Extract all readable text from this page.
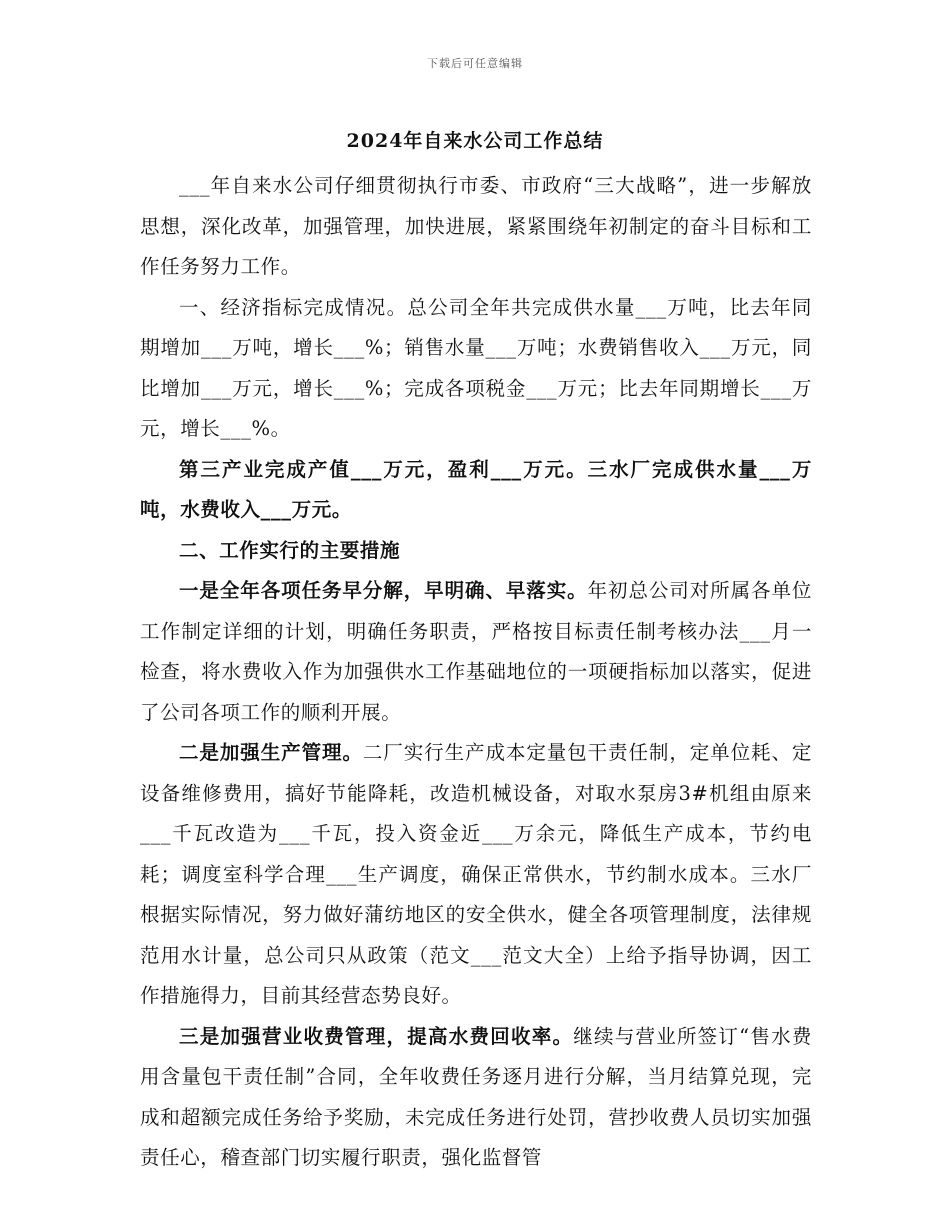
下载后可任意编辑
2024年自来水公司工作总结

___年自来水公司仔细贯彻执行市委、市政府“三大战略”，进一步解放思想，深化改革，加强管理，加快进展，紧紧围绕年初制定的奋斗目标和工作任务努力工作。

一、经济指标完成情况。总公司全年共完成供水量___万吨，比去年同期增加___万吨，增长___%；销售水量___万吨；水费销售收入___万元，同比增加___万元，增长___%；完成各项税金___万元；比去年同期增长___万元，增长___%。

第三产业完成产值___万元，盈利___万元。三水厂完成供水量___万吨，水费收入___万元。

二、工作实行的主要措施

一是全年各项任务早分解，早明确、早落实。年初总公司对所属各单位工作制定详细的计划，明确任务职责，严格按目标责任制考核办法___月一检查，将水费收入作为加强供水工作基础地位的一项硬指标加以落实，促进了公司各项工作的顺利开展。

二是加强生产管理。二厂实行生产成本定量包干责任制，定单位耗、定设备维修费用，搞好节能降耗，改造机械设备，对取水泵房3#机组由原来___千瓦改造为___千瓦，投入资金近___万余元，降低生产成本，节约电耗；调度室科学合理___生产调度，确保正常供水，节约制水成本。三水厂根据实际情况，努力做好蒲纺地区的安全供水，健全各项管理制度，法律规范用水计量，总公司只从政策（范文___范文大全）上给予指导协调，因工作措施得力，目前其经营态势良好。

三是加强营业收费管理，提高水费回收率。继续与营业所签订“售水费用含量包干责任制”合同，全年收费任务逐月进行分解，当月结算兑现，完成和超额完成任务给予奖励，未完成任务进行处罚，营抄收费人员切实加强责任心，稽查部门切实履行职责，强化监督管
